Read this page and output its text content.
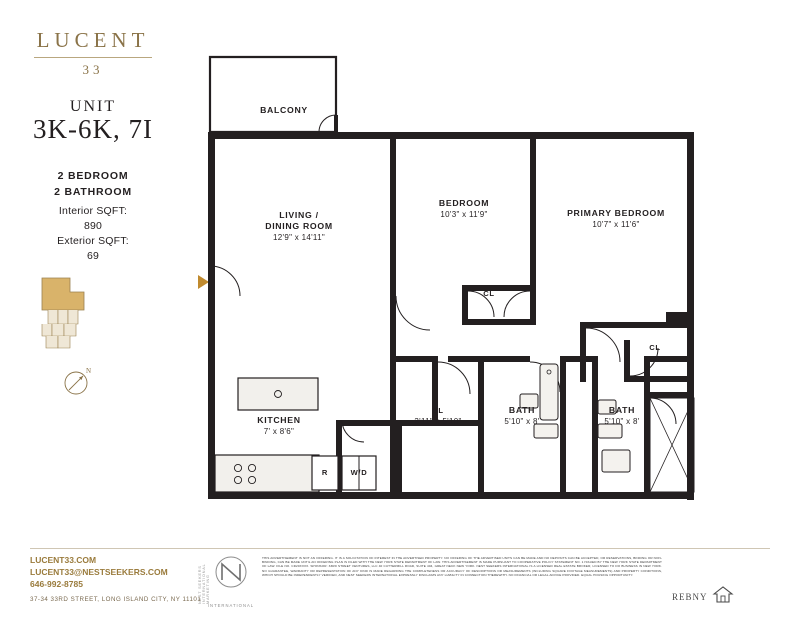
LUCENT
33
UNIT
3K-6K, 7I
2 BEDROOM
2 BATHROOM
Interior SQFT:
890
Exterior SQFT:
69
N
BALCONY
LIVING /
DINING ROOM
12'9" x 14'11"
BEDROOM
10'3" x 11'9"	PRIMARY BEDROOM
10'7" x 11'6"
CL
CL
CL
3'11" x 5'10"
BATH
5'10" x 8'
BATH
5'10" x 8'
KITCHEN
7' x 8'6"
R	W/D
LUCENT33.COM
LUCENT33@NESTSEEKERS.COM
646-992-8785
37-34 33RD STREET, LONG ISLAND CITY, NY 11101
INTERNATIONAL
NEST SEEKERS INTERNATIONAL MARKETING
THIS ADVERTISEMENT IS NOT AN OFFERING. IT IS A SOLICITATION OF INTEREST IN THE ADVERTISED PROPERTY. NO OFFERING OF THE ADVERTISED UNITS CAN BE MADE AND NO DEPOSITS CAN BE ACCEPTED, OR RESERVATIONS, BINDING OR NON-BINDING, CAN BE MADE UNTIL AN OFFERING PLAN IS FILED WITH THE NEW YORK STATE DEPARTMENT OF LAW. THIS ADVERTISEMENT IS MADE PURSUANT TO COOPERATIVE POLICY STATEMENT NO. 1 ISSUED BY THE NEW YORK STATE DEPARTMENT OF LAW. FILE NO. CD20XXXX. SPONSOR: 33RD STREET VENTURES, LLC 40 CUTTERMILL ROAD, SUITE 404, GREAT NECK NEW YORK. NEST SEEKERS INTERNATIONAL IS A LICENSED REAL ESTATE BROKER, LICENSED TO DO BUSINESS IN NEW YORK. NO GUARANTEE, WARRANTY OR REPRESENTATION OF ANY KIND IS MADE REGARDING THE COMPLETENESS OR ACCURACY OF DESCRIPTIONS OR MEASUREMENTS (INCLUDING SQUARE FOOTAGE MEASUREMENTS) AND PROPERTY CONDITIONS, WHICH SHOULD BE INDEPENDENTLY VERIFIED, AND NEST SEEKERS INTERNATIONAL EXPRESSLY DISCLAIMS ANY LIABILITY IN CONNECTION THEREWITH. NO FINANCIAL OR LEGAL ADVICE PROVIDED. EQUAL HOUSING OPPORTUNITY.
REBNY
